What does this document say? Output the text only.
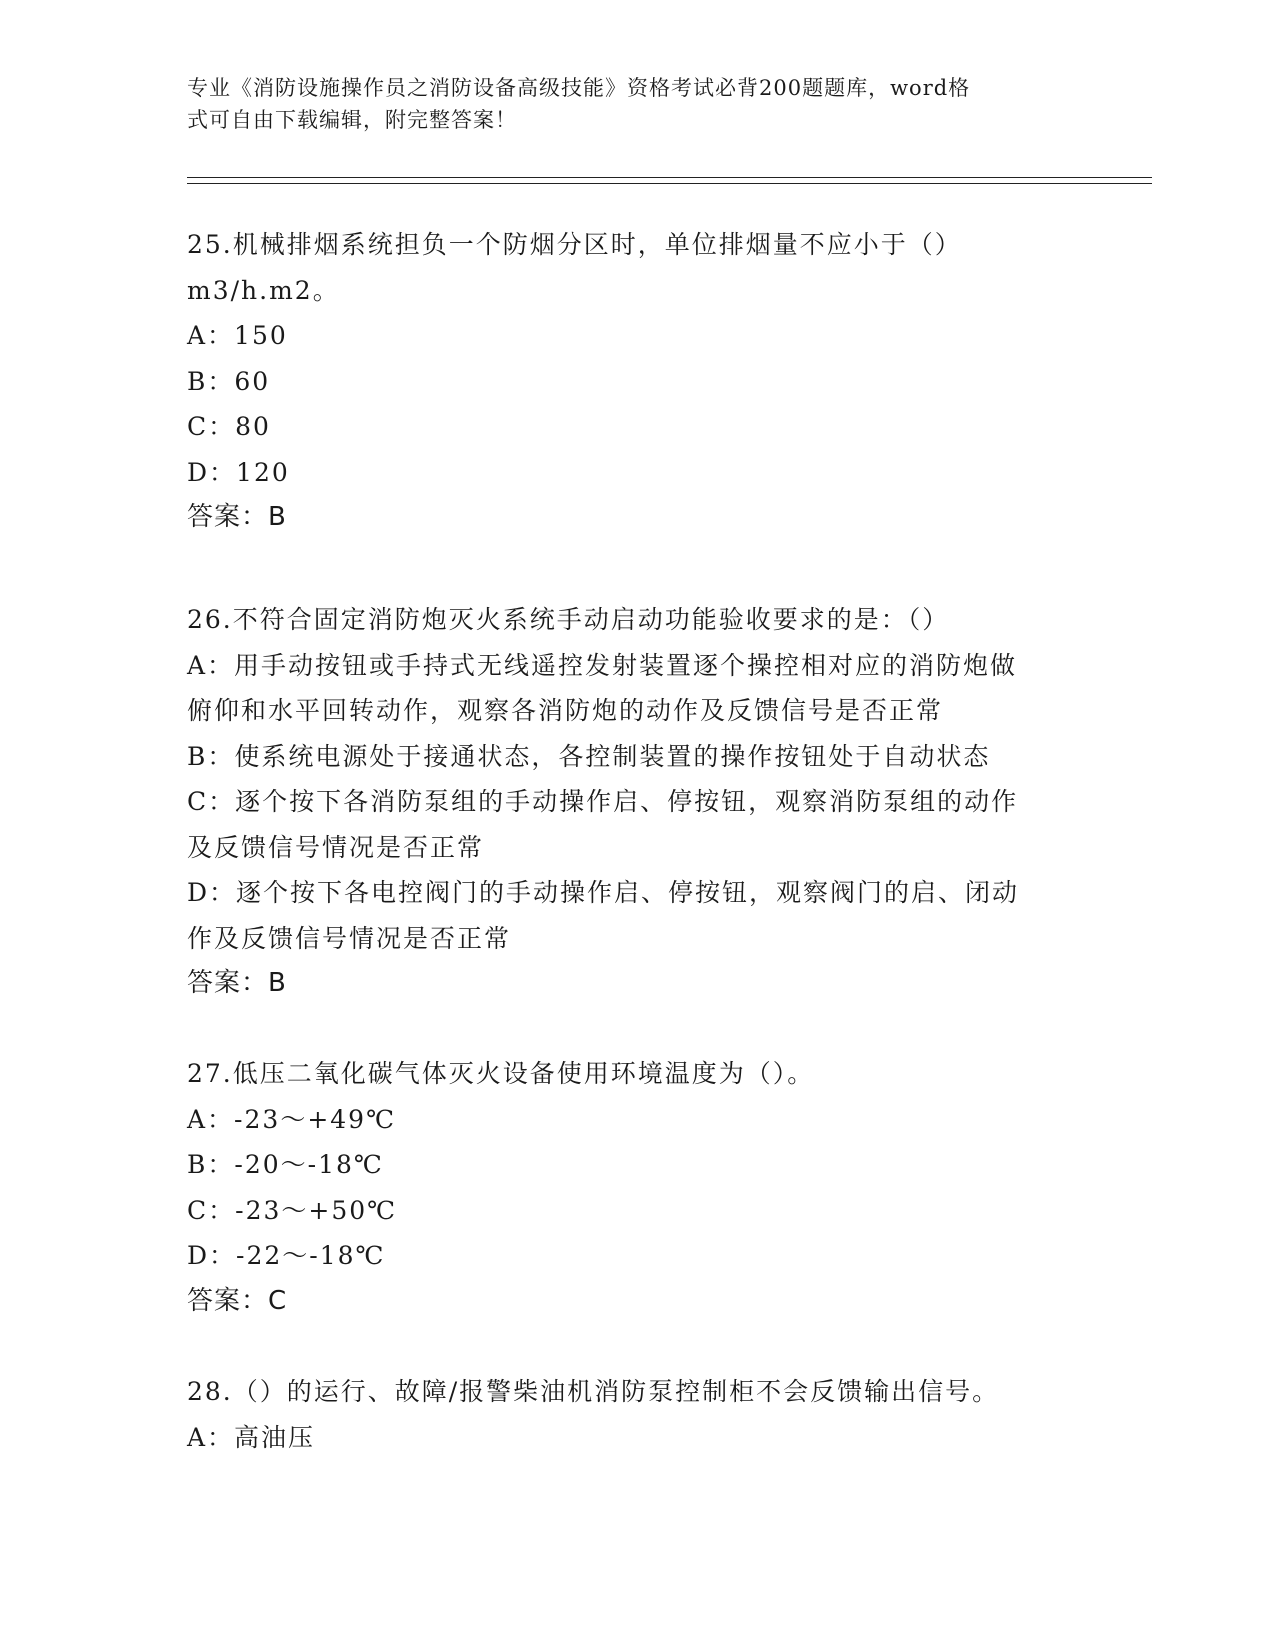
专业《消防设施操作员之消防设备高级技能》资格考试必背200题题库，word格
式可自由下载编辑，附完整答案！
25.机械排烟系统担负一个防烟分区时，单位排烟量不应小于（）
m3/h.m2。
A：150
B：60
C：80
D：120
答案：B
26.不符合固定消防炮灭火系统手动启动功能验收要求的是：（）
A：用手动按钮或手持式无线遥控发射装置逐个操控相对应的消防炮做
俯仰和水平回转动作，观察各消防炮的动作及反馈信号是否正常
B：使系统电源处于接通状态，各控制装置的操作按钮处于自动状态
C：逐个按下各消防泵组的手动操作启、停按钮，观察消防泵组的动作
及反馈信号情况是否正常
D：逐个按下各电控阀门的手动操作启、停按钮，观察阀门的启、闭动
作及反馈信号情况是否正常
答案：B
27.低压二氧化碳气体灭火设备使用环境温度为（）。
A：-23～+49℃
B：-20～-18℃
C：-23～+50℃
D：-22～-18℃
答案：C
28.（）的运行、故障/报警柴油机消防泵控制柜不会反馈输出信号。
A：高油压
